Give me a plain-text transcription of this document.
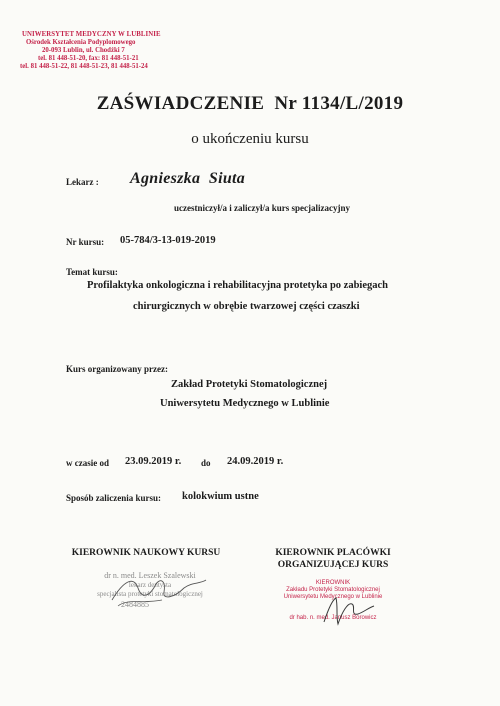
UNIWERSYTET MEDYCZNY W LUBLINIE
Ośrodek Kształcenia Podyplomowego
20-093 Lublin, ul. Chodźki 7
tel. 81 448-51-20, fax: 81 448-51-21
tel. 81 448-51-22, 81 448-51-23, 81 448-51-24
ZAŚWIADCZENIE  Nr 1134/L/2019
o ukończeniu kursu
Lekarz : Agnieszka  Siuta
uczestniczył/a i zaliczył/a kurs specjalizacyjny
Nr kursu: 05-784/3-13-019-2019
Temat kursu:
Profilaktyka onkologiczna i rehabilitacyjna protetyka po zabiegach
chirurgicznych w obrębie twarzowej części czaszki
Kurs organizowany przez:
Zakład Protetyki Stomatologicznej
Uniwersytetu Medycznego w Lublinie
w czasie od 23.09.2019 r. do 24.09.2019 r.
Sposób zaliczenia kursu: kolokwium ustne
KIEROWNIK NAUKOWY KURSU
dr n. med. Leszek Szalewski
lekarz dentysta
specjalista protetyki stomatologicznej
2484885
KIEROWNIK PLACÓWKI
ORGANIZUJĄCEJ KURS
KIEROWNIK
Zakładu Protetyki Stomatologicznej
Uniwersytetu Medycznego w Lublinie
dr hab. n. med. Janusz Borowicz
